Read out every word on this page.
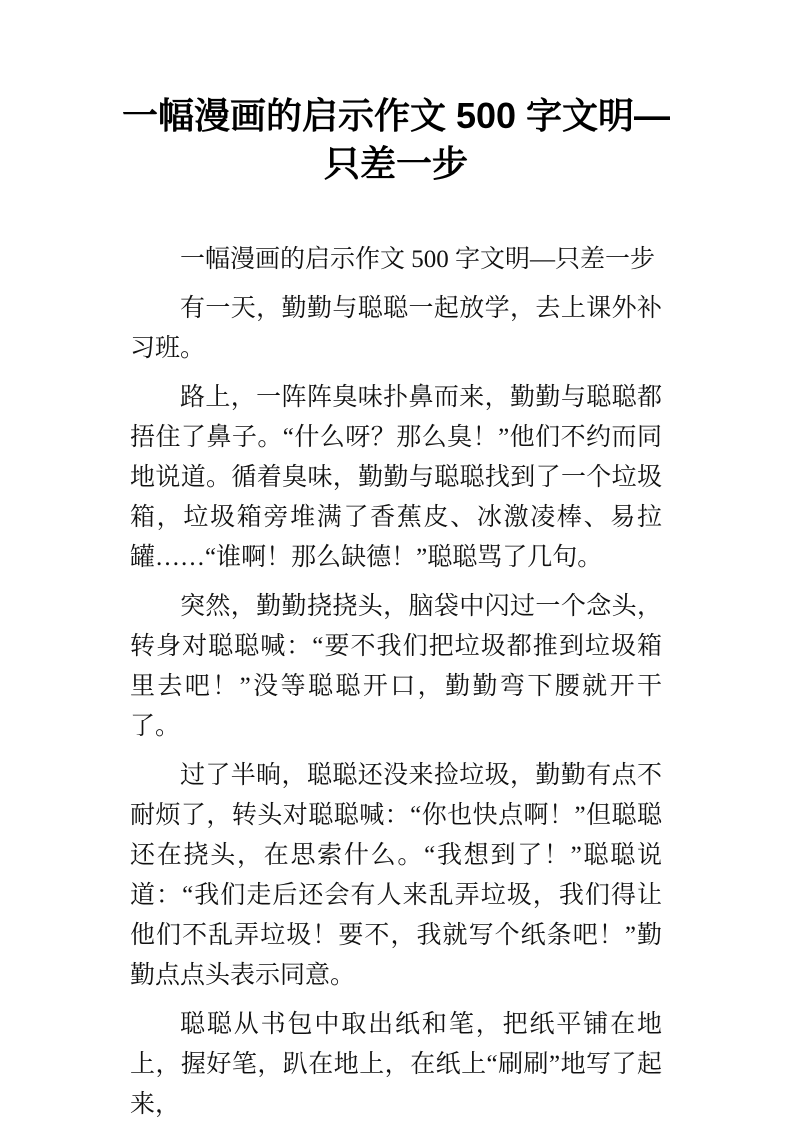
一幅漫画的启示作文 500 字文明—只差一步

一幅漫画的启示作文 500 字文明—只差一步

有一天，勤勤与聪聪一起放学，去上课外补习班。

路上，一阵阵臭味扑鼻而来，勤勤与聪聪都捂住了鼻子。“什么呀？那么臭！”他们不约而同地说道。循着臭味，勤勤与聪聪找到了一个垃圾箱，垃圾箱旁堆满了香蕉皮、冰激凌棒、易拉罐……“谁啊！那么缺德！”聪聪骂了几句。

突然，勤勤挠挠头，脑袋中闪过一个念头，转身对聪聪喊：“要不我们把垃圾都推到垃圾箱里去吧！”没等聪聪开口，勤勤弯下腰就开干了。

过了半晌，聪聪还没来捡垃圾，勤勤有点不耐烦了，转头对聪聪喊：“你也快点啊！”但聪聪还在挠头，在思索什么。“我想到了！”聪聪说道：“我们走后还会有人来乱弄垃圾，我们得让他们不乱弄垃圾！要不，我就写个纸条吧！”勤勤点点头表示同意。

聪聪从书包中取出纸和笔，把纸平铺在地上，握好笔，趴在地上，在纸上“刷刷”地写了起来，
